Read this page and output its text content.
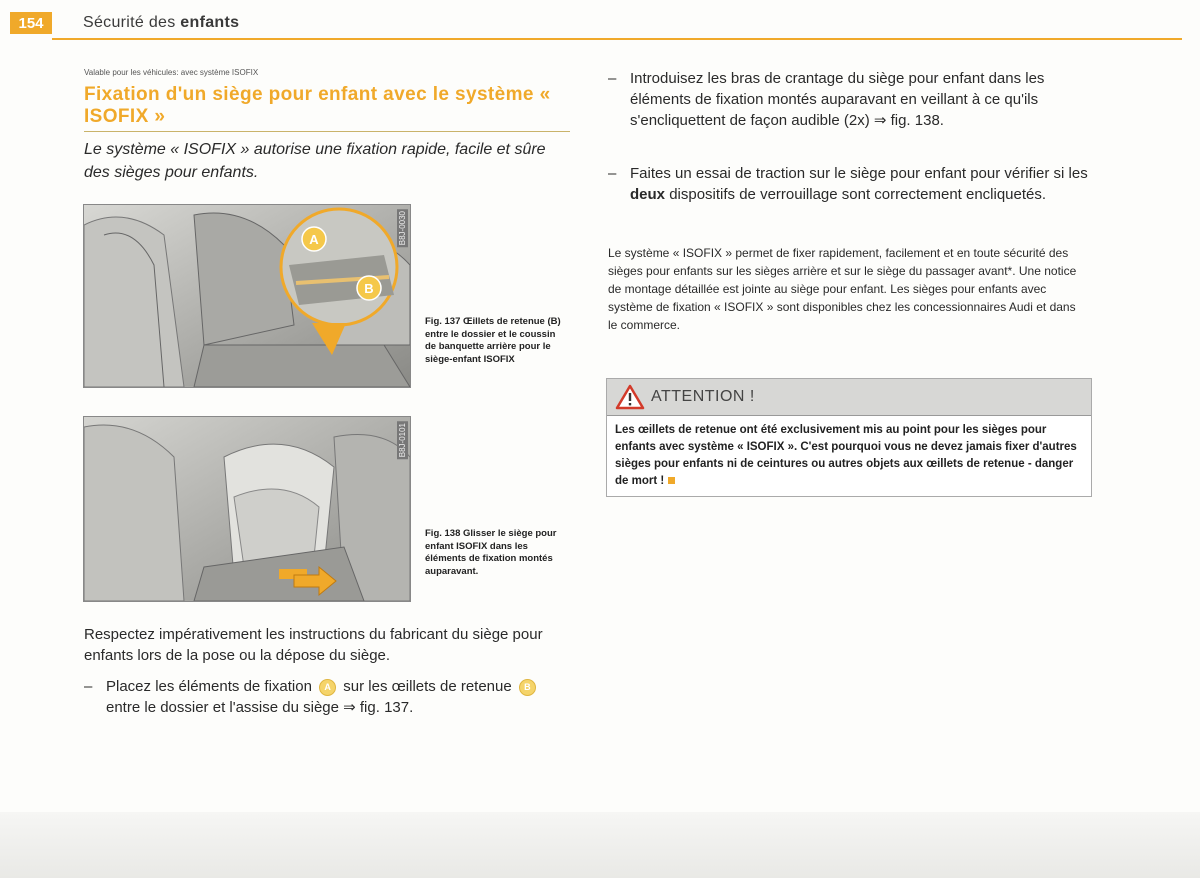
154	Sécurité des enfants
Valable pour les véhicules: avec système ISOFIX
Fixation d'un siège pour enfant avec le système « ISOFIX »
Le système « ISOFIX » autorise une fixation rapide, facile et sûre des sièges pour enfants.
A
B
B8J-0030
Fig. 137 Œillets de retenue (B) entre le dossier et le coussin de banquette arrière pour le siège-enfant ISOFIX
B8J-0101
Fig. 138 Glisser le siège pour enfant ISOFIX dans les éléments de fixation montés auparavant.
Respectez impérativement les instructions du fabricant du siège pour enfants lors de la pose ou la dépose du siège.
– Placez les éléments de fixation A sur les œillets de retenue B entre le dossier et l'assise du siège ⇒ fig. 137.
– Introduisez les bras de crantage du siège pour enfant dans les éléments de fixation montés auparavant en veillant à ce qu'ils s'encliquettent de façon audible (2x) ⇒ fig. 138.
– Faites un essai de traction sur le siège pour enfant pour vérifier si les deux dispositifs de verrouillage sont correctement encliquetés.
Le système « ISOFIX » permet de fixer rapidement, facilement et en toute sécurité des sièges pour enfants sur les sièges arrière et sur le siège du passager avant*. Une notice de montage détaillée est jointe au siège pour enfant. Les sièges pour enfants avec système de fixation « ISOFIX » sont disponibles chez les concessionnaires Audi et dans le commerce.
ATTENTION !
Les œillets de retenue ont été exclusivement mis au point pour les sièges pour enfants avec système « ISOFIX ». C'est pourquoi vous ne devez jamais fixer d'autres sièges pour enfants ni de ceintures ou autres objets aux œillets de retenue - danger de mort !
